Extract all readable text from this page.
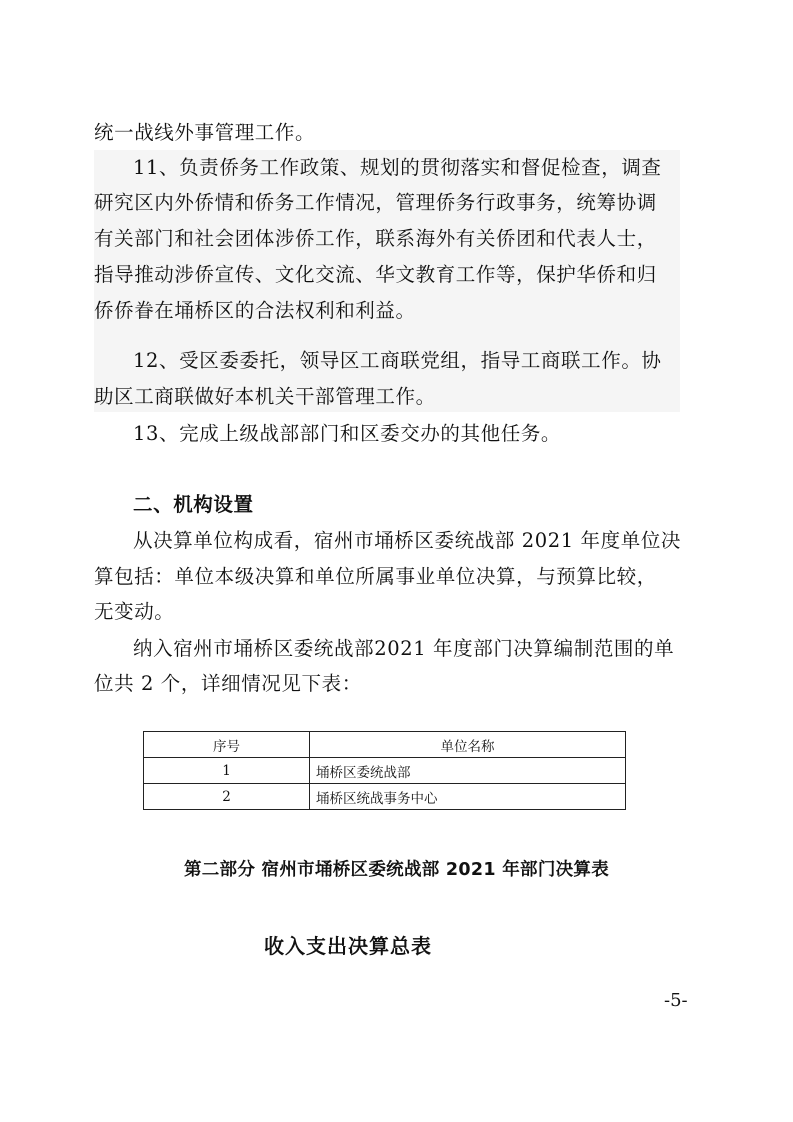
统一战线外事管理工作。
11、负责侨务工作政策、规划的贯彻落实和督促检查，调查
研究区内外侨情和侨务工作情况，管理侨务行政事务，统筹协调
有关部门和社会团体涉侨工作，联系海外有关侨团和代表人士，
指导推动涉侨宣传、文化交流、华文教育工作等，保护华侨和归
侨侨眷在埇桥区的合法权利和利益。
12、受区委委托，领导区工商联党组，指导工商联工作。协
助区工商联做好本机关干部管理工作。
13、完成上级战部部门和区委交办的其他任务。
二、机构设置
从决算单位构成看，宿州市埇桥区委统战部 2021 年度单位决
算包括：单位本级决算和单位所属事业单位决算，与预算比较，
无变动。
纳入宿州市埇桥区委统战部2021 年度部门决算编制范围的单
位共 2 个，详细情况见下表：
序号	单位名称
1	埇桥区委统战部
2	埇桥区统战事务中心
第二部分 宿州市埇桥区委统战部 2021 年部门决算表
收入支出决算总表
-5-
